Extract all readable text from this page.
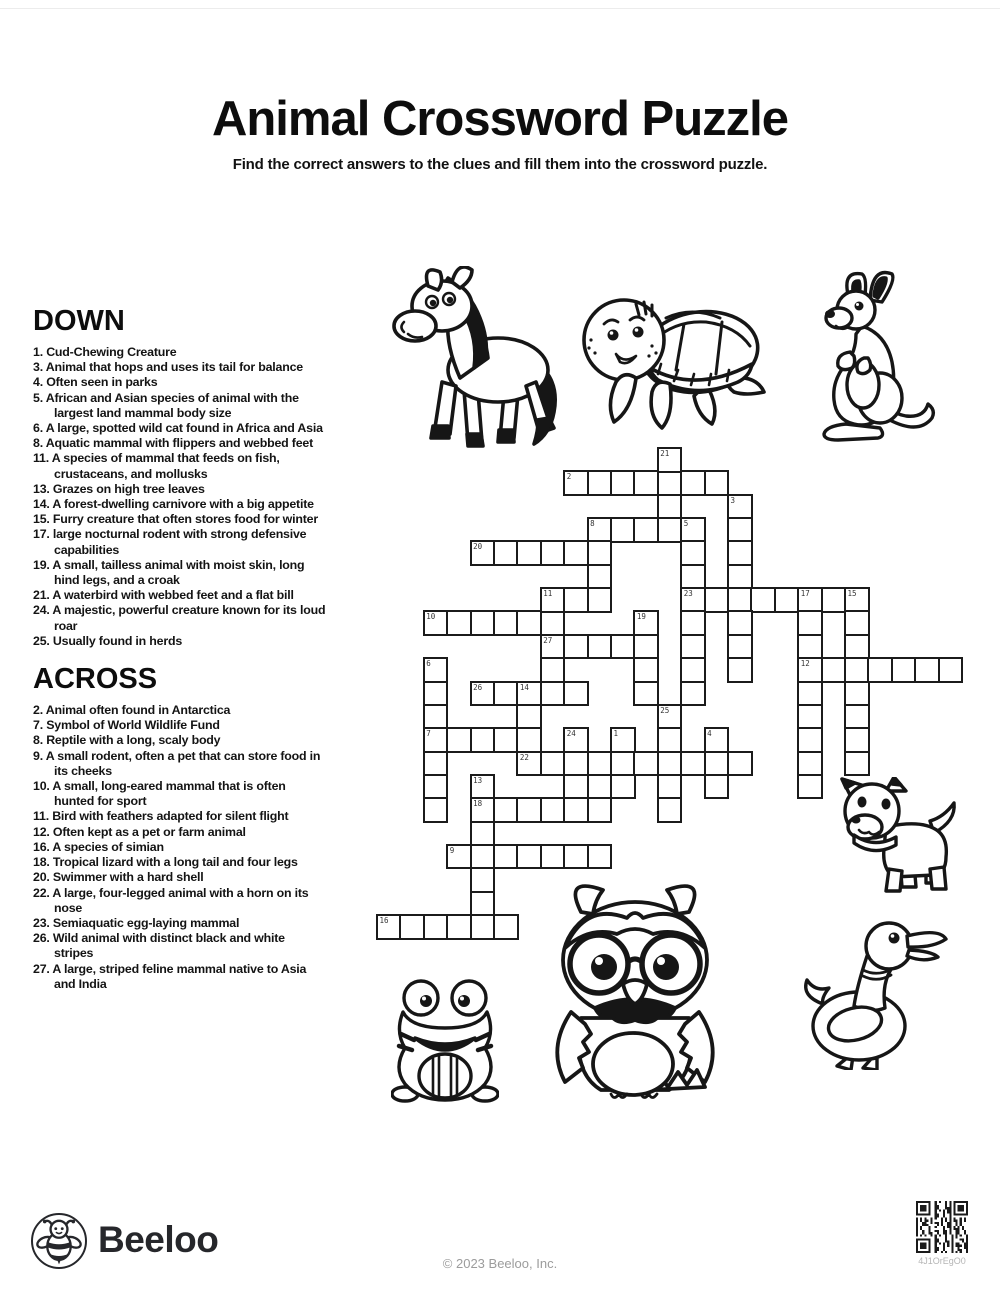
Animal Crossword Puzzle

Find the correct answers to the clues and fill them into the crossword puzzle.

DOWN
1. Cud-Chewing Creature
3. Animal that hops and uses its tail for balance
4. Often seen in parks
5. African and Asian species of animal with the largest land mammal body size
6. A large, spotted wild cat found in Africa and Asia
8. Aquatic mammal with flippers and webbed feet
11. A species of mammal that feeds on fish, crustaceans, and mollusks
13. Grazes on high tree leaves
14. A forest-dwelling carnivore with a big appetite
15. Furry creature that often stores food for winter
17. large nocturnal rodent with strong defensive capabilities
19. A small, tailless animal with moist skin, long hind legs, and a croak
21. A waterbird with webbed feet and a flat bill
24. A majestic, powerful creature known for its loud roar
25. Usually found in herds
ACROSS
2. Animal often found in Antarctica
7. Symbol of World Wildlife Fund
8. Reptile with a long, scaly body
9. A small rodent, often a pet that can store food in its cheeks
10. A small, long-eared mammal that is often hunted for sport
11. Bird with feathers adapted for silent flight
12. Often kept as a pet or farm animal
16. A species of simian
18. Tropical lizard with a long tail and four legs
20. Swimmer with a hard shell
22. A large, four-legged animal with a horn on its nose
23. Semiaquatic egg-laying mammal
26. Wild animal with distinct black and white stripes
27. A large, striped feline mammal native to Asia and India
2
7
8	5
9
10
11
12
16
18
20
22
23	17	15
26	14
27
1
3
4
6
13
19
21
24
25
Beeloo
© 2023 Beeloo, Inc.	4J1OrEgO0
